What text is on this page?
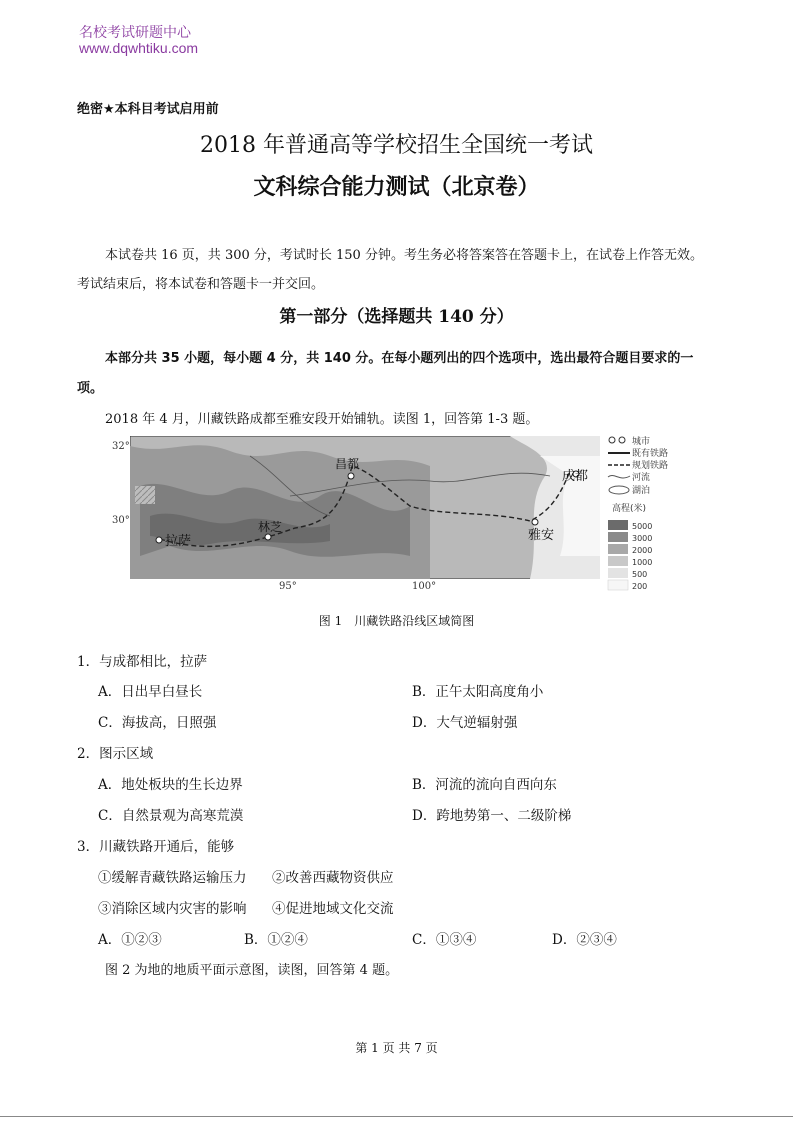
名校考试研题中心
www.dqwhtiku.com
绝密★本科目考试启用前
2018 年普通高等学校招生全国统一考试
文科综合能力测试（北京卷）
本试卷共 16 页，共 300 分，考试时长 150 分钟。考生务必将答案答在答题卡上，在试卷上作答无效。
考试结束后，将本试卷和答题卡一并交回。
第一部分（选择题共 140 分）
本部分共 35 小题，每小题 4 分，共 140 分。在每小题列出的四个选项中，选出最符合题目要求的一
项。
2018 年 4 月，川藏铁路成都至雅安段开始铺轨。读图 1，回答第 1-3 题。
昌都
成都
林芝
拉萨	雅安
32°
30°
95°	100°
城市
既有铁路
规划铁路
河流
湖泊
高程(米)
5000
3000
2000
1000
500
200
图 1　川藏铁路沿线区域简图
1．与成都相比，拉萨
A．日出早白昼长	B．正午太阳高度角小
C．海拔高，日照强	D．大气逆辐射强
2．图示区域
A．地处板块的生长边界	B．河流的流向自西向东
C．自然景观为高寒荒漠	D．跨地势第一、二级阶梯
3．川藏铁路开通后，能够
①缓解青藏铁路运输压力 ②改善西藏物资供应
③消除区域内灾害的影响 ④促进地域文化交流
A．①②③	B．①②④	C．①③④	D．②③④
图 2 为地的地质平面示意图，读图，回答第 4 题。
第 1 页 共 7 页
